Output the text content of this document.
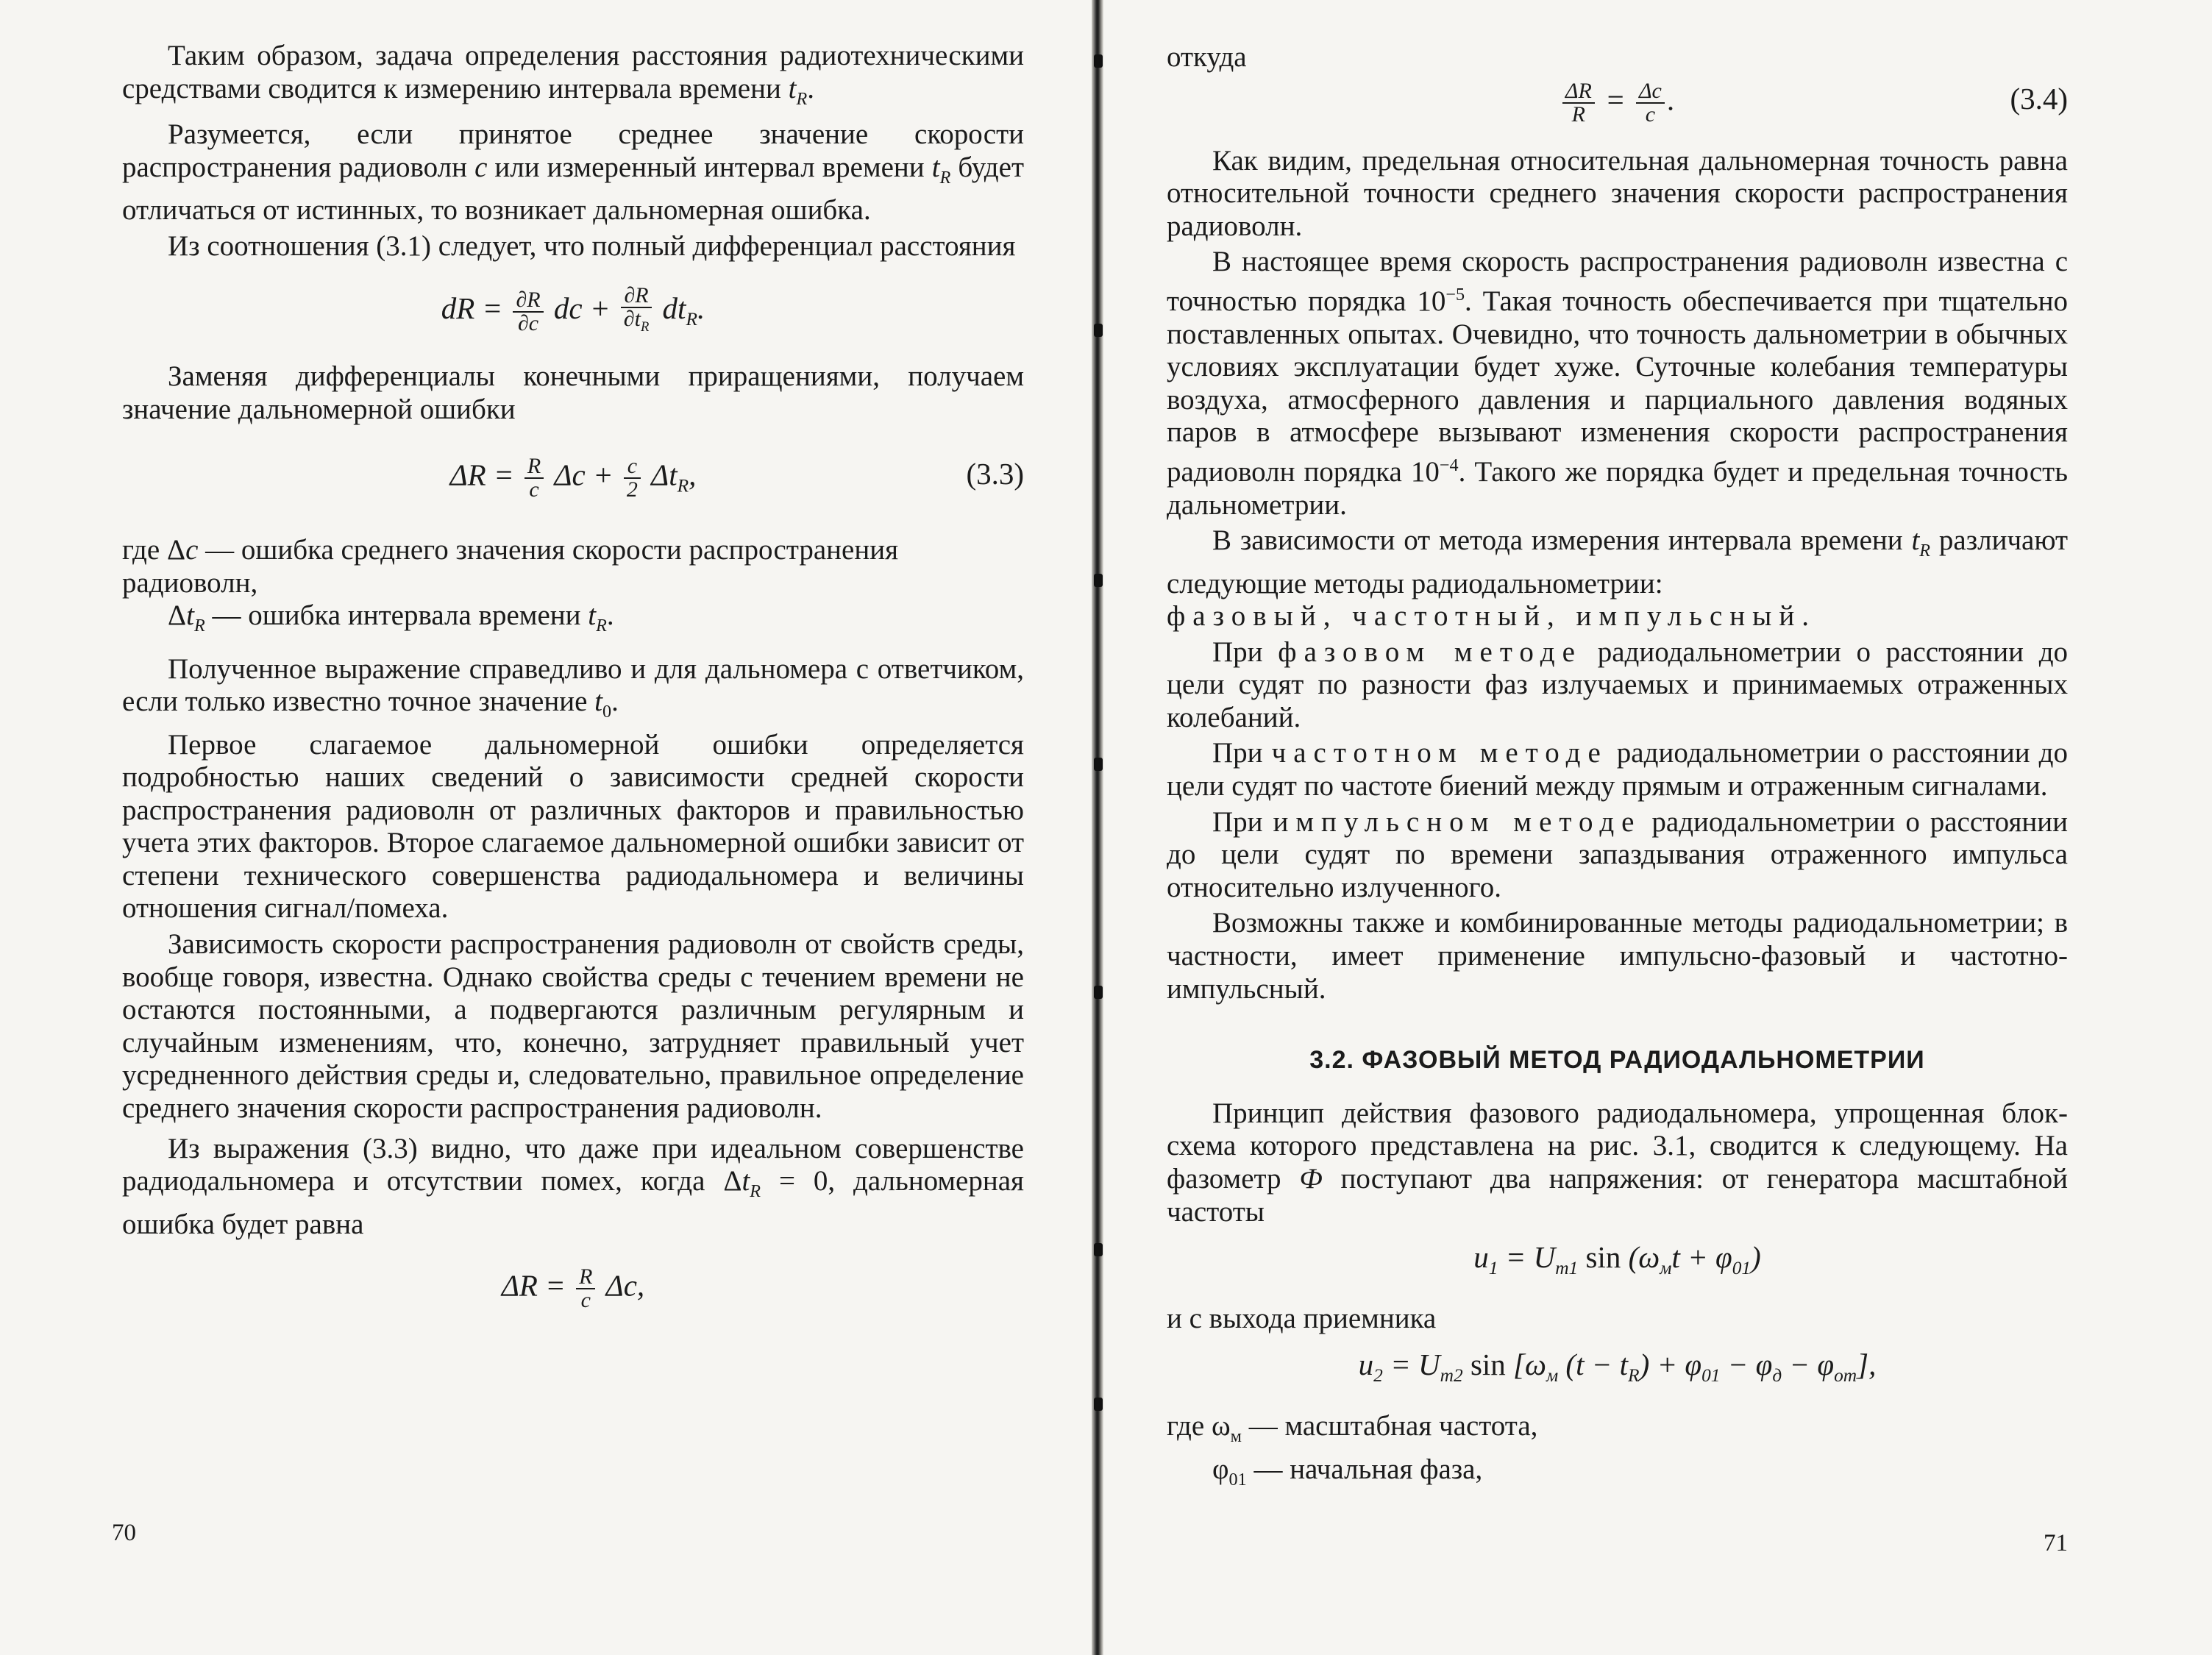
Таким образом, задача определения расстояния радиотехническими средствами сводится к измерению интервала времени $t_R$.

Разумеется, если принятое среднее значение скорости распространения радиоволн c или измеренный интервал времени $t_R$ будет отличаться от истинных, то возникает дальномерная ошибка.

Из соотношения (3.1) следует, что полный дифференциал расстояния

dR = $\frac{\partial R}{\partial c}$ dc + $\frac{\partial R}{\partial t_R} dt_R$.

Заменяя дифференциалы конечными приращениями, получаем значение дальномерной ошибки

$\Delta R = \frac{R}{c}$ $\Delta c + \frac{c}{2} \Delta t_R$,	(3.3)
где Δc — ошибка среднего значения скорости распространения радиоволн,
$\Delta t_R$ — ошибка интервала времени $t_R$.

Полученное выражение справедливо и для дальномера с ответчиком, если только известно точное значение $t_0$.

Первое слагаемое дальномерной ошибки определяется подробностью наших сведений о зависимости средней скорости распространения радиоволн от различных факторов и правильностью учета этих факторов. Второе слагаемое дальномерной ошибки зависит от степени технического совершенства радиодальномера и величины отношения сигнал/помеха.

Зависимость скорости распространения радиоволн от свойств среды, вообще говоря, известна. Однако свойства среды с течением времени не остаются постоянными, а подвергаются различным регулярным и случайным изменениям, что, конечно, затрудняет правильный учет усредненного действия среды и, следовательно, правильное определение среднего значения скорости распространения радиоволн.

Из выражения (3.3) видно, что даже при идеальном совершенстве радиодальномера и отсутствии помех, когда $\Delta t_R = 0$, дальномерная ошибка будет равна

$\Delta R = \frac{R}{c} \Delta c$,
70

откуда

$\frac{\Delta R}{R} = \frac{\Delta c}{c}$ .	(3.4)

Как видим, предельная относительная дальномерная точность равна относительной точности среднего значения скорости распространения радиоволн.

В настоящее время скорость распространения радиоволн известна с точностью порядка $10^{-5}$. Такая точность обеспечивается при тщательно поставленных опытах. Очевидно, что точность дальнометрии в обычных условиях эксплуатации будет хуже. Суточные колебания температуры воздуха, атмосферного давления и парциального давления водяных паров в атмосфере вызывают изменения скорости распространения радиоволн порядка $10^{-4}$. Такого же порядка будет и предельная точность дальнометрии.

В зависимости от метода измерения интервала времени $t_R$ различают следующие методы радиодальнометрии:
фазовый, частотный, импульсный.

При фазовом методе радиодальнометрии о расстоянии до цели судят по разности фаз излучаемых и принимаемых отраженных колебаний.

При частотном методе радиодальнометрии о расстоянии до цели судят по частоте биений между прямым и отраженным сигналами.

При импульсном методе радиодальнометрии о расстоянии до цели судят по времени запаздывания отраженного импульса относительно излученного.

Возможны также и комбинированные методы радиодальнометрии; в частности, имеет применение импульсно-фазовый и частотно-импульсный.

3.2. ФАЗОВЫЙ МЕТОД РАДИОДАЛЬНОМЕТРИИ

Принцип действия фазового радиодальномера, упрощенная блок-схема которого представлена на рис. 3.1, сводится к следующему. На фазометр Ф поступают два напряжения: от генератора масштабной частоты

$u_1 = U_{m1}$ $\sin (\omega_мt + \varphi_{01})$

и с выхода приемника

$u_2 = U_{m2}$ $\sin [\omega_м$ $(t - t_R) + \varphi_{01} - \varphi_д - \varphi_{от}$],
где $\omega_м$ — масштабная частота,
$\varphi_{01}$ — начальная фаза,
71
